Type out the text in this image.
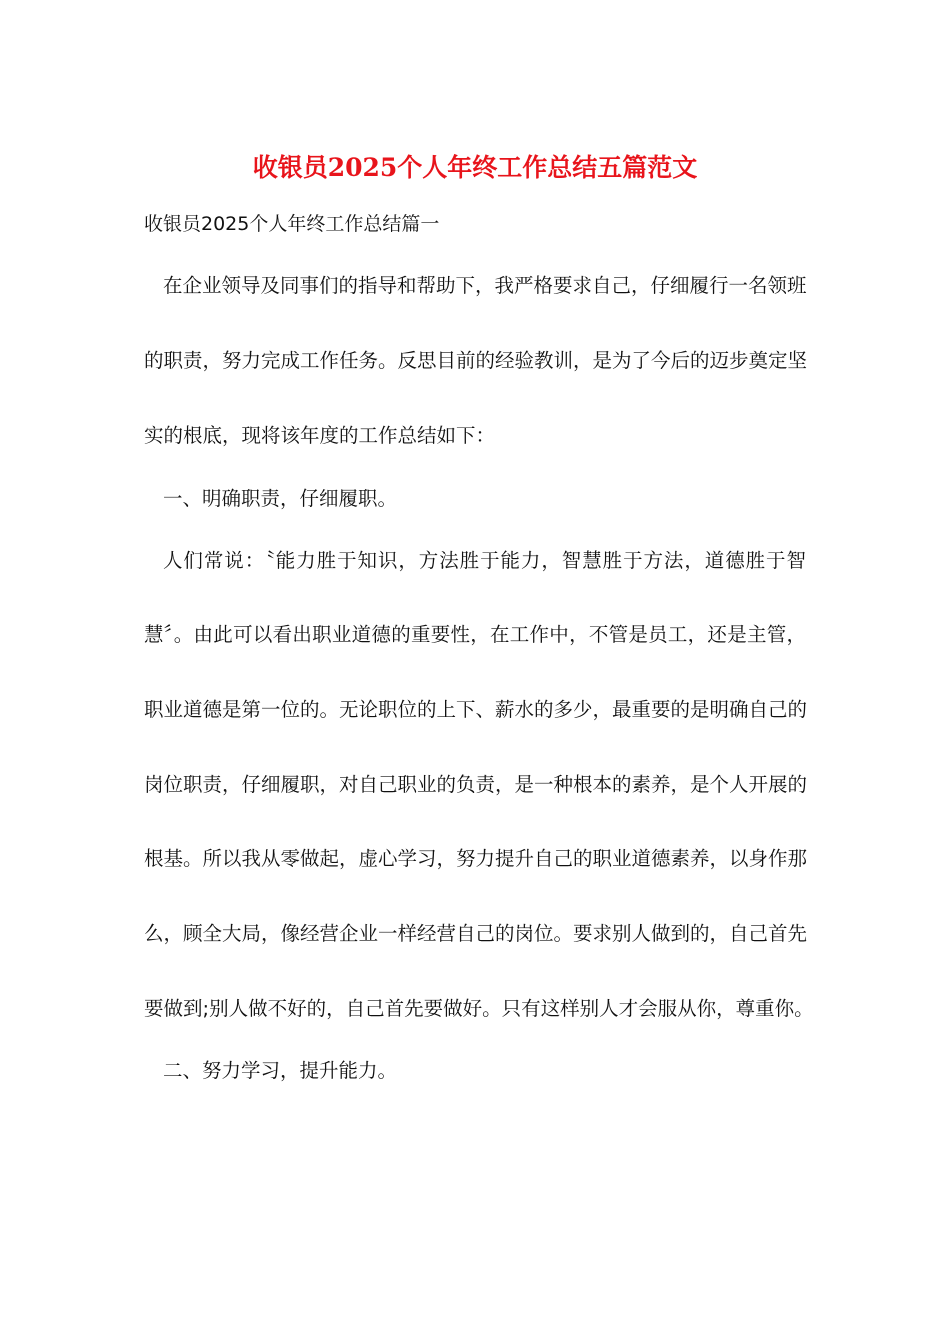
收银员2025个人年终工作总结五篇范文
收银员2025个人年终工作总结篇一
在企业领导及同事们的指导和帮助下，我严格要求自己，仔细履行一名领班
的职责，努力完成工作任务。反思目前的经验教训，是为了今后的迈步奠定坚
实的根底，现将该年度的工作总结如下：
一、明确职责，仔细履职。
人们常说：〝能力胜于知识，方法胜于能力，智慧胜于方法，道德胜于智
慧〞。由此可以看出职业道德的重要性，在工作中，不管是员工，还是主管，
职业道德是第一位的。无论职位的上下、薪水的多少，最重要的是明确自己的
岗位职责，仔细履职，对自己职业的负责，是一种根本的素养，是个人开展的
根基。所以我从零做起，虚心学习，努力提升自己的职业道德素养，以身作那
么，顾全大局，像经营企业一样经营自己的岗位。要求别人做到的，自己首先
要做到;别人做不好的，自己首先要做好。只有这样别人才会服从你，尊重你。
二、努力学习，提升能力。
